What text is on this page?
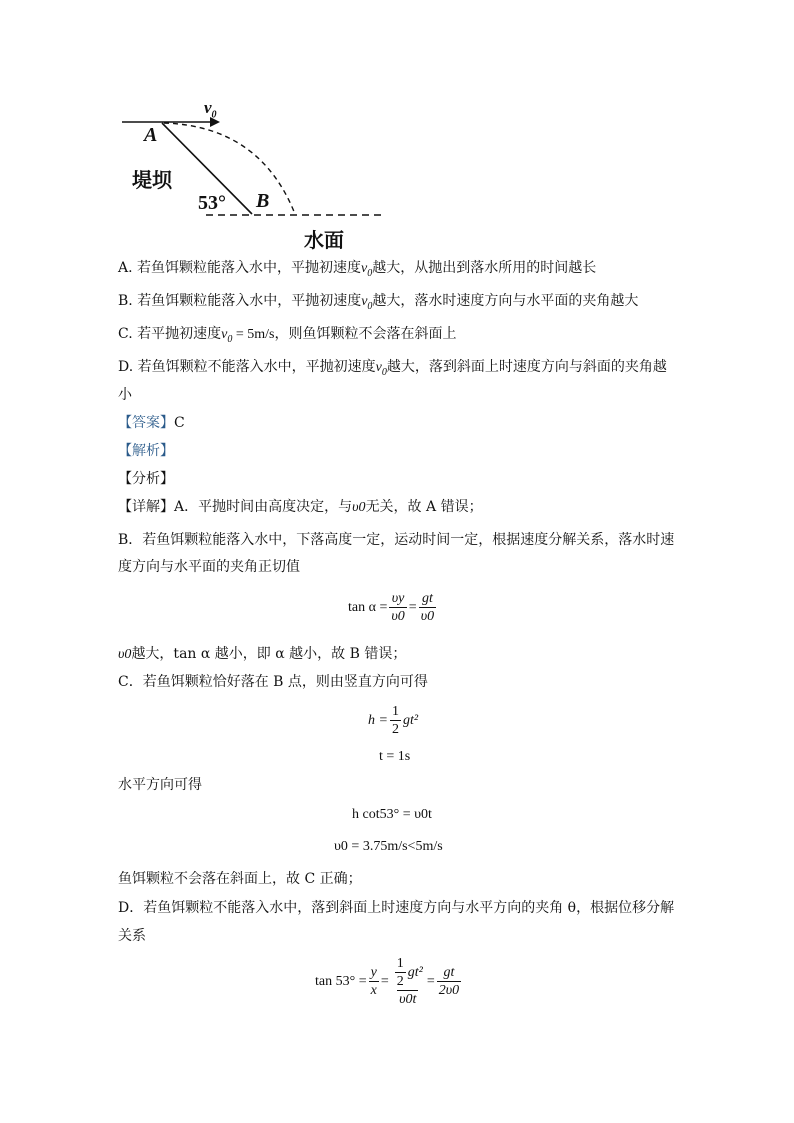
$v_0$
A
堤坝
53° B
水面
A. 若鱼饵颗粒能落入水中，平抛初速度$v_0$越大，从抛出到落水所用的时间越长
B. 若鱼饵颗粒能落入水中，平抛初速度$v_0$越大，落水时速度方向与水平面的夹角越大
C. 若平抛初速度$v_0 = 5m/s$，则鱼饵颗粒不会落在斜面上
D. 若鱼饵颗粒不能落入水中，平抛初速度$v_0$越大，落到斜面上时速度方向与斜面的夹角越
小
【答案】C
【解析】
【分析】
【详解】A．平抛时间由高度决定，与υ0无关，故 A 错误；
B．若鱼饵颗粒能落入水中，下落高度一定，运动时间一定，根据速度分解关系，落水时速
度方向与水平面的夹角正切值
$\tan \alpha = \frac{\upsilon y}{\upsilon 0} = \frac{gt}{\upsilon 0}$
υ0越大，tan α 越小，即 α 越小，故 B 错误；
C．若鱼饵颗粒恰好落在 B 点，则由竖直方向可得
$h = \frac{1}{2} gt^2$
t = 1s
水平方向可得
h cot53° = υ0t
υ0 = 3.75m/s<5m/s
鱼饵颗粒不会落在斜面上，故 C 正确；
D．若鱼饵颗粒不能落入水中，落到斜面上时速度方向与水平方向的夹角 θ，根据位移分解
关系
$\tan 53^\circ = \frac{y}{x} = \frac{\frac{1}{2} gt^2}{\upsilon 0t} = \frac{gt}{2\upsilon 0}$
